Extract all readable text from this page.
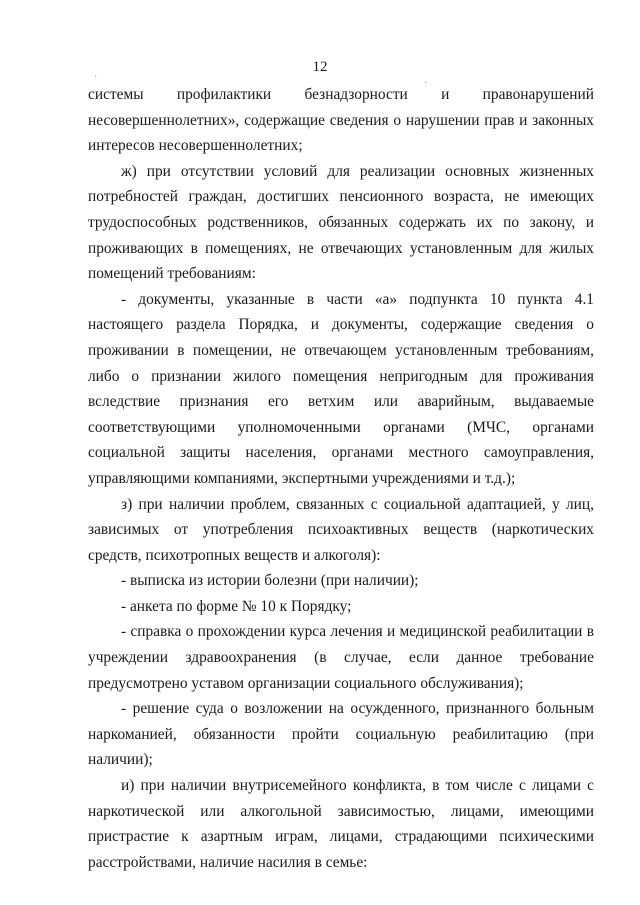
12
·
·
системы профилактики безнадзорности и правонарушений

несовершеннолетних», содержащие сведения о нарушении прав и законных интересов несовершеннолетних;

ж) при отсутствии условий для реализации основных жизненных потребностей граждан, достигших пенсионного возраста, не имеющих трудоспособных родственников, обязанных содержать их по закону, и проживающих в помещениях, не отвечающих установленным для жилых помещений требованиям:

- документы, указанные в части «а» подпункта 10 пункта 4.1 настоящего раздела Порядка, и документы, содержащие сведения о проживании в помещении, не отвечающем установленным требованиям, либо о признании жилого помещения непригодным для проживания вследствие признания его ветхим или аварийным, выдаваемые соответствующими уполномоченными органами (МЧС, органами социальной защиты населения, органами местного самоуправления, управляющими компаниями, экспертными учреждениями и т.д.);

з) при наличии проблем, связанных с социальной адаптацией, у лиц, зависимых от употребления психоактивных веществ (наркотических средств, психотропных веществ и алкоголя):

- выписка из истории болезни (при наличии);

- анкета по форме № 10 к Порядку;

- справка о прохождении курса лечения и медицинской реабилитации в учреждении здравоохранения (в случае, если данное требование предусмотрено уставом организации социального обслуживания);

- решение суда о возложении на осужденного, признанного больным наркоманией, обязанности пройти социальную реабилитацию (при наличии);

и) при наличии внутрисемейного конфликта, в том числе с лицами с наркотической или алкогольной зависимостью, лицами, имеющими пристрастие к азартным играм, лицами, страдающими психическими расстройствами, наличие насилия в семье:
